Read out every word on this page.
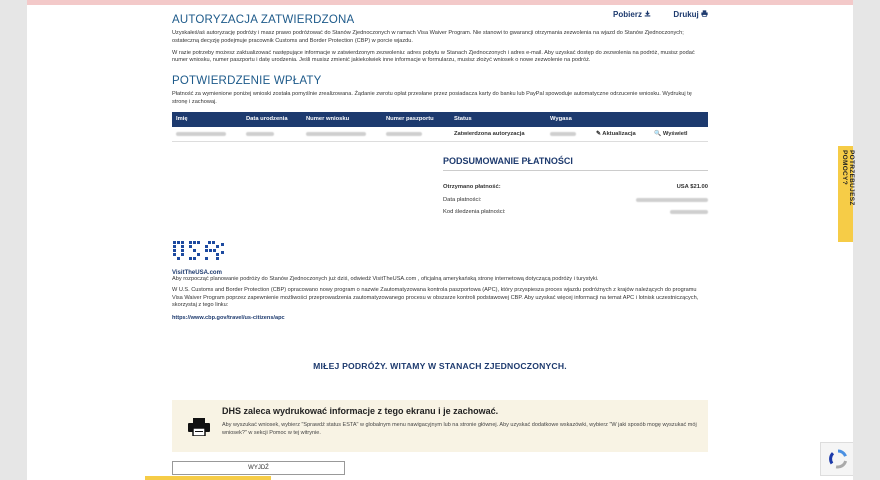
Pobierz	Drukuj
AUTORYZACJA ZATWIERDZONA

Uzyskałeś/aś autoryzację podróży i masz prawo podróżować do Stanów Zjednoczonych w ramach Visa Waiver Program. Nie stanowi to gwarancji otrzymania zezwolenia na wjazd do Stanów Zjednoczonych; ostateczną decyzję podejmuje pracownik Customs and Border Protection (CBP) w porcie wjazdu.

W razie potrzeby możesz zaktualizować następujące informacje w zatwierdzonym zezwoleniu: adres pobytu w Stanach Zjednoczonych i adres e-mail. Aby uzyskać dostęp do zezwolenia na podróż, musisz podać numer wniosku, numer paszportu i datę urodzenia. Jeśli musisz zmienić jakiekolwiek inne informacje w formularzu, musisz złożyć wniosek o nowe zezwolenie na podróż.

POTWIERDZENIE WPŁATY

Płatność za wymienione poniżej wnioski została pomyślnie zrealizowana. Żądanie zwrotu opłat przesłane przez posiadacza karty do banku lub PayPal spowoduje automatyczne odrzucenie wniosku. Wydrukuj tę stronę i zachowaj.

Imię	Data urodzenia	Numer wniosku	Numer paszportu	Status	Wygasa		
				Zatwierdzona autoryzacja		✎ Aktualizacja	🔍 Wyświetl
PODSUMOWANIE PŁATNOŚCI
Otrzymano płatność:	USA $21.00
Data płatności:
Kod śledzenia płatności:
VisitTheUSA.com

Aby rozpocząć planowanie podróży do Stanów Zjednoczonych już dziś, odwiedź VisitTheUSA.com , oficjalną amerykańską stronę internetową dotyczącą podróży i turystyki.

W U.S. Customs and Border Protection (CBP) opracowano nowy program o nazwie Zautomatyzowana kontrola paszportowa (APC), który przyspiesza proces wjazdu podróżnych z krajów należących do programu Visa Waiver Program poprzez zapewnienie możliwości przeprowadzenia zautomatyzowanego procesu w obszarze kontroli podstawowej CBP. Aby uzyskać więcej informacji na temat APC i lotnisk uczestniczących, skorzystaj z tego linku:

https://www.cbp.gov/travel/us-citizens/apc

MIŁEJ PODRÓŻY. WITAMY W STANACH ZJEDNOCZONYCH.
DHS zaleca wydrukować informacje z tego ekranu i je zachować.
Aby wyszukać wniosek, wybierz "Sprawdź status ESTA" w globalnym menu nawigacyjnym lub na stronie głównej. Aby uzyskać dodatkowe wskazówki, wybierz "W jaki sposób mogę wyszukać mój wniosek?" w sekcji Pomoc w tej witrynie.
WYJDŹ
POTRZEBUJESZ POMOCY?
